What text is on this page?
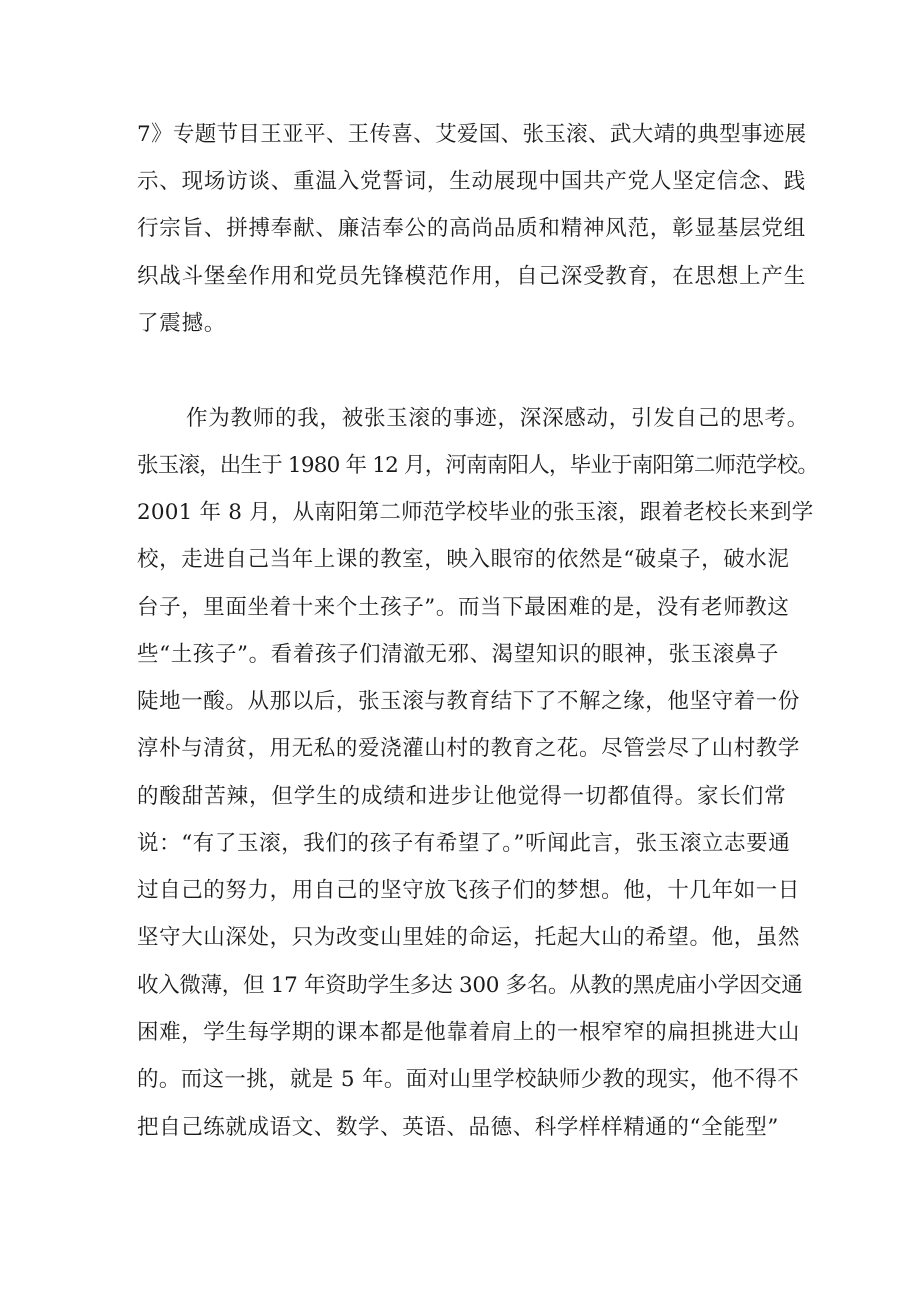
7》专题节目王亚平、王传喜、艾爱国、张玉滚、武大靖的典型事迹展
示、现场访谈、重温入党誓词，生动展现中国共产党人坚定信念、践
行宗旨、拼搏奉献、廉洁奉公的高尚品质和精神风范，彰显基层党组
织战斗堡垒作用和党员先锋模范作用，自己深受教育，在思想上产生
了震撼。
作为教师的我，被张玉滚的事迹，深深感动，引发自己的思考。
张玉滚，出生于 1980 年 12 月，河南南阳人，毕业于南阳第二师范学校。
2001 年 8 月，从南阳第二师范学校毕业的张玉滚，跟着老校长来到学
校，走进自己当年上课的教室，映入眼帘的依然是“破桌子，破水泥
台子，里面坐着十来个土孩子”。而当下最困难的是，没有老师教这
些“土孩子”。看着孩子们清澈无邪、渴望知识的眼神，张玉滚鼻子
陡地一酸。从那以后，张玉滚与教育结下了不解之缘，他坚守着一份
淳朴与清贫，用无私的爱浇灌山村的教育之花。尽管尝尽了山村教学
的酸甜苦辣，但学生的成绩和进步让他觉得一切都值得。家长们常
说：“有了玉滚，我们的孩子有希望了。”听闻此言，张玉滚立志要通
过自己的努力，用自己的坚守放飞孩子们的梦想。他，十几年如一日
坚守大山深处，只为改变山里娃的命运，托起大山的希望。他，虽然
收入微薄，但 17 年资助学生多达 300 多名。从教的黑虎庙小学因交通
困难，学生每学期的课本都是他靠着肩上的一根窄窄的扁担挑进大山
的。而这一挑，就是 5 年。面对山里学校缺师少教的现实，他不得不
把自己练就成语文、数学、英语、品德、科学样样精通的“全能型”
